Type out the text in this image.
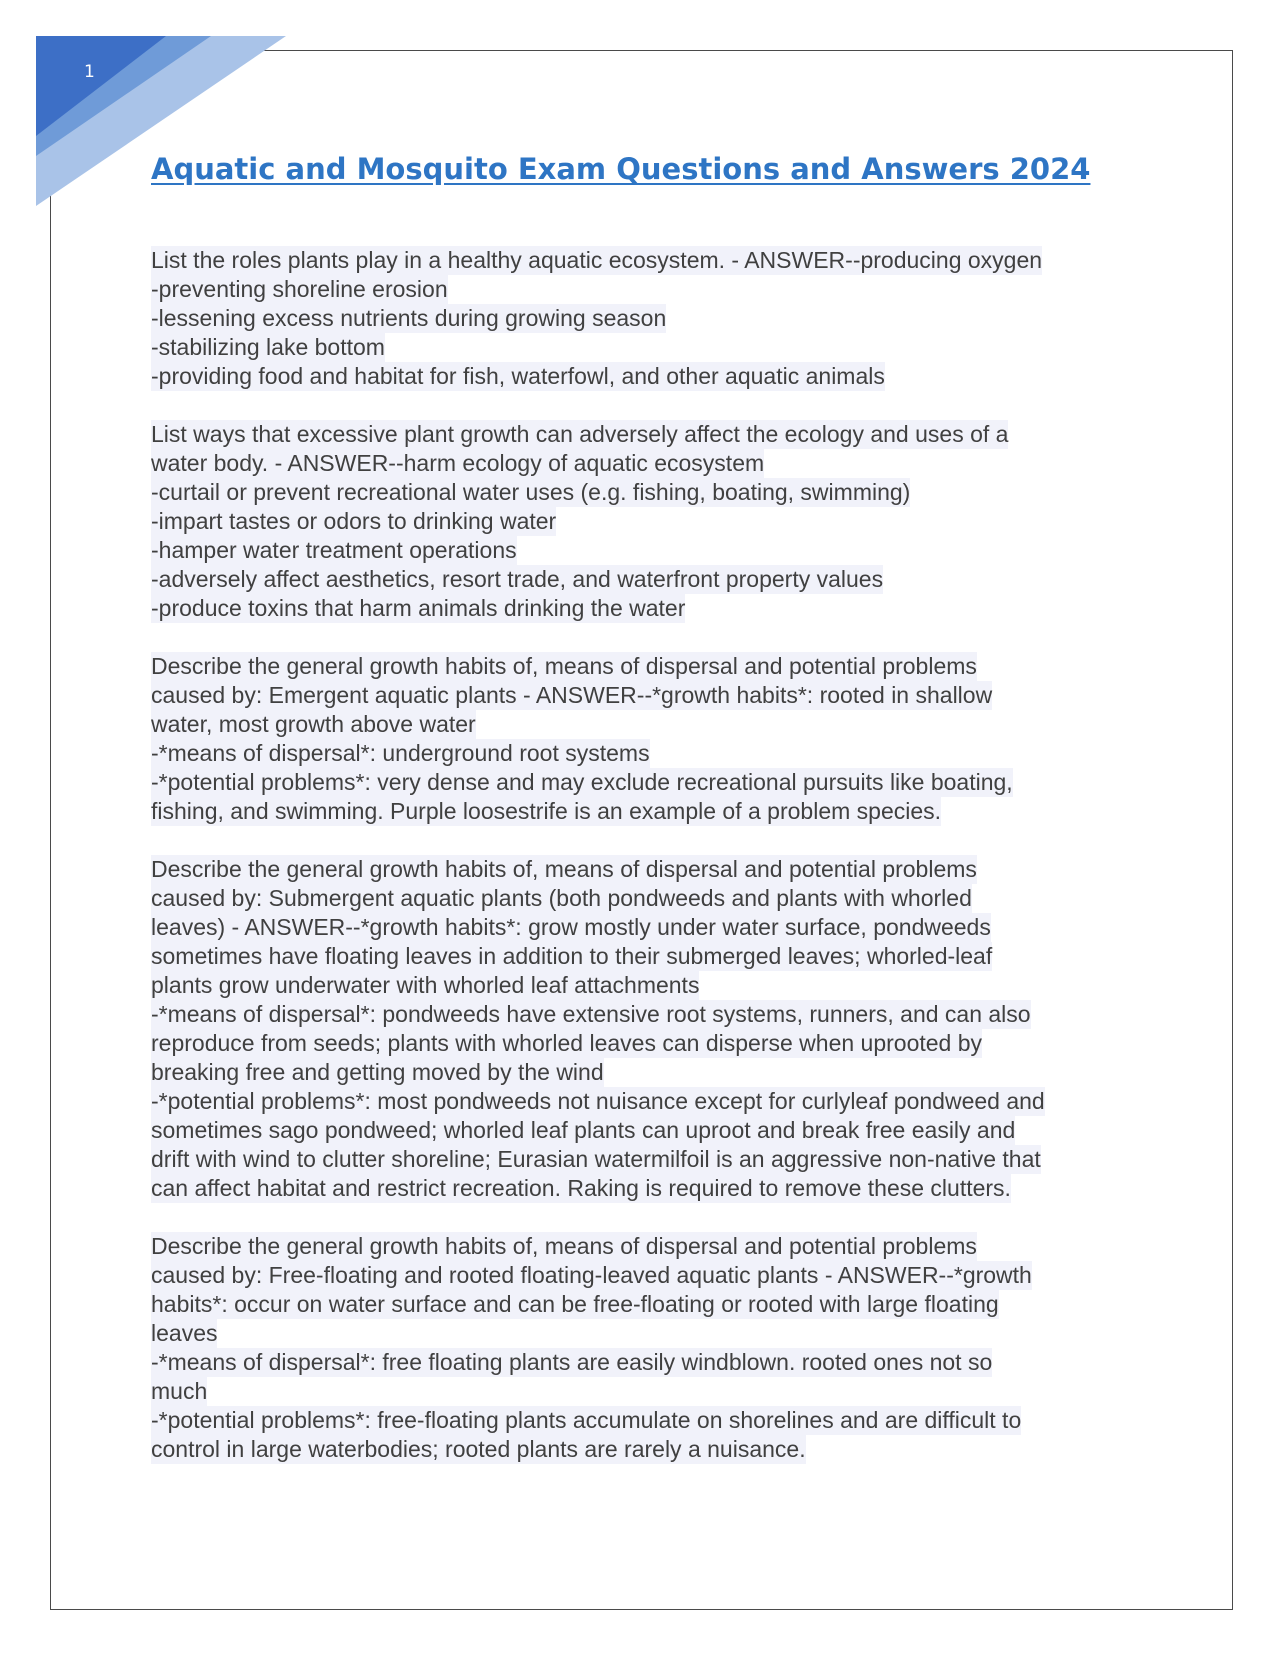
1
Aquatic and Mosquito Exam Questions and Answers 2024
List the roles plants play in a healthy aquatic ecosystem. - ANSWER--producing oxygen
-preventing shoreline erosion
-lessening excess nutrients during growing season
-stabilizing lake bottom
-providing food and habitat for fish, waterfowl, and other aquatic animals
List ways that excessive plant growth can adversely affect the ecology and uses of a
water body. - ANSWER--harm ecology of aquatic ecosystem
-curtail or prevent recreational water uses (e.g. fishing, boating, swimming)
-impart tastes or odors to drinking water
-hamper water treatment operations
-adversely affect aesthetics, resort trade, and waterfront property values
-produce toxins that harm animals drinking the water
Describe the general growth habits of, means of dispersal and potential problems
caused by: Emergent aquatic plants - ANSWER--*growth habits*: rooted in shallow
water, most growth above water
-*means of dispersal*: underground root systems
-*potential problems*: very dense and may exclude recreational pursuits like boating,
fishing, and swimming. Purple loosestrife is an example of a problem species.
Describe the general growth habits of, means of dispersal and potential problems
caused by: Submergent aquatic plants (both pondweeds and plants with whorled
leaves) - ANSWER--*growth habits*: grow mostly under water surface, pondweeds
sometimes have floating leaves in addition to their submerged leaves; whorled-leaf
plants grow underwater with whorled leaf attachments
-*means of dispersal*: pondweeds have extensive root systems, runners, and can also
reproduce from seeds; plants with whorled leaves can disperse when uprooted by
breaking free and getting moved by the wind
-*potential problems*: most pondweeds not nuisance except for curlyleaf pondweed and
sometimes sago pondweed; whorled leaf plants can uproot and break free easily and
drift with wind to clutter shoreline; Eurasian watermilfoil is an aggressive non-native that
can affect habitat and restrict recreation. Raking is required to remove these clutters.
Describe the general growth habits of, means of dispersal and potential problems
caused by: Free-floating and rooted floating-leaved aquatic plants - ANSWER--*growth
habits*: occur on water surface and can be free-floating or rooted with large floating
leaves
-*means of dispersal*: free floating plants are easily windblown. rooted ones not so
much
-*potential problems*: free-floating plants accumulate on shorelines and are difficult to
control in large waterbodies; rooted plants are rarely a nuisance.
